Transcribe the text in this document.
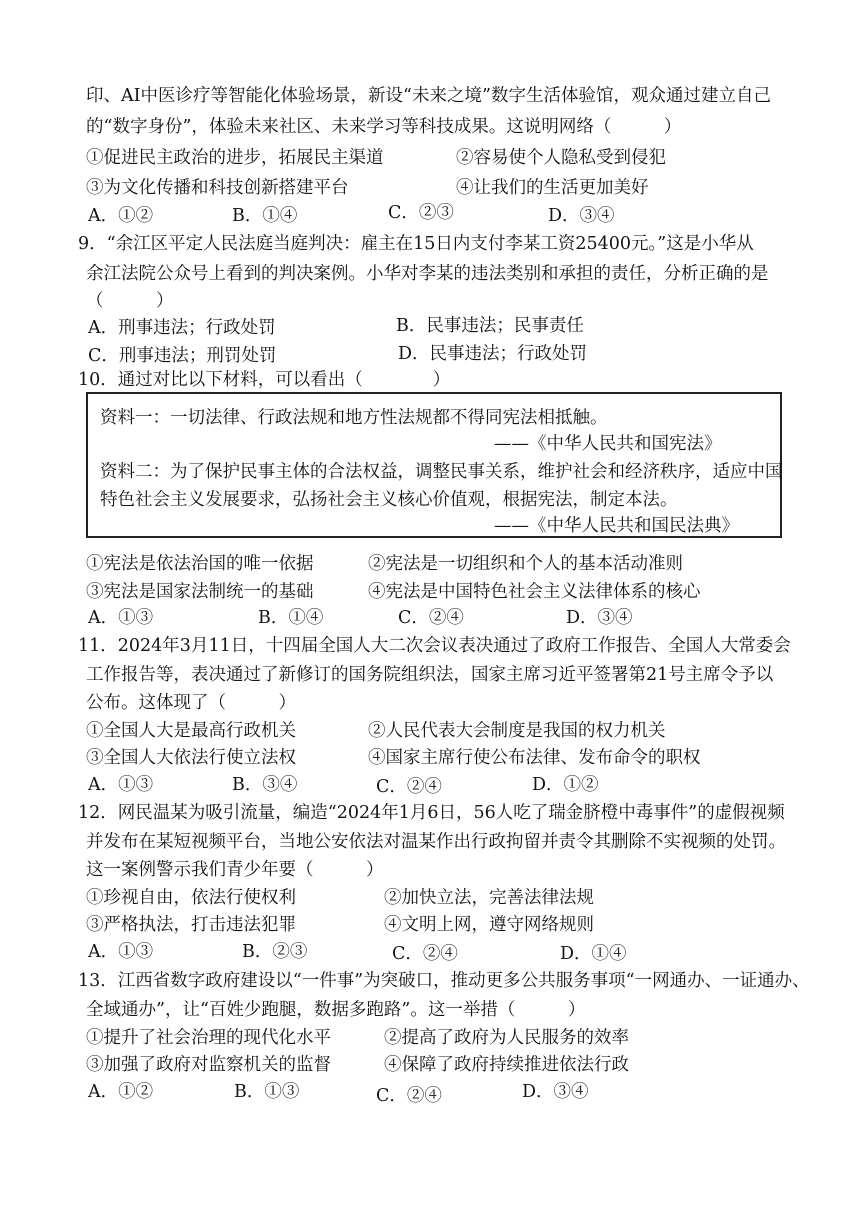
印、AI中医诊疗等智能化体验场景，新设“未来之境”数字生活体验馆，观众通过建立自己
的“数字身份”，体验未来社区、未来学习等科技成果。这说明网络（　　　）
①促进民主政治的进步，拓展民主渠道	②容易使个人隐私受到侵犯
③为文化传播和科技创新搭建平台	④让我们的生活更加美好
A．①②	B．①④	C．②③	D．③④
9．“余江区平定人民法庭当庭判决：雇主在15日内支付李某工资25400元。”这是小华从
余江法院公众号上看到的判决案例。小华对李某的违法类别和承担的责任，分析正确的是
（　　　）
A．刑事违法；行政处罚	B．民事违法；民事责任
C．刑事违法；刑罚处罚	D．民事违法；行政处罚
10．通过对比以下材料，可以看出（　　　　）
资料一：一切法律、行政法规和地方性法规都不得同宪法相抵触。
——《中华人民共和国宪法》
资料二：为了保护民事主体的合法权益，调整民事关系，维护社会和经济秩序，适应中国
特色社会主义发展要求，弘扬社会主义核心价值观，根据宪法，制定本法。
——《中华人民共和国民法典》
①宪法是依法治国的唯一依据	②宪法是一切组织和个人的基本活动准则
③宪法是国家法制统一的基础	④宪法是中国特色社会主义法律体系的核心
A．①③	B．①④	C．②④	D．③④
11．2024年3月11日，十四届全国人大二次会议表决通过了政府工作报告、全国人大常委会
工作报告等，表决通过了新修订的国务院组织法，国家主席习近平签署第21号主席令予以
公布。这体现了（　　　）
①全国人大是最高行政机关	②人民代表大会制度是我国的权力机关
③全国人大依法行使立法权	④国家主席行使公布法律、发布命令的职权
A．①③	B．③④	C．②④	D．①②
12．网民温某为吸引流量，编造“2024年1月6日，56人吃了瑞金脐橙中毒事件”的虚假视频
并发布在某短视频平台，当地公安依法对温某作出行政拘留并责令其删除不实视频的处罚。
这一案例警示我们青少年要（　　　）
①珍视自由，依法行使权利	②加快立法，完善法律法规
③严格执法，打击违法犯罪	④文明上网，遵守网络规则
A．①③	B．②③	C．②④	D．①④
13．江西省数字政府建设以“一件事”为突破口，推动更多公共服务事项“一网通办、一证通办、
全域通办”，让“百姓少跑腿，数据多跑路”。这一举措（　　　）
①提升了社会治理的现代化水平	②提高了政府为人民服务的效率
③加强了政府对监察机关的监督	④保障了政府持续推进依法行政
A．①②	B．①③	C．②④	D．③④
